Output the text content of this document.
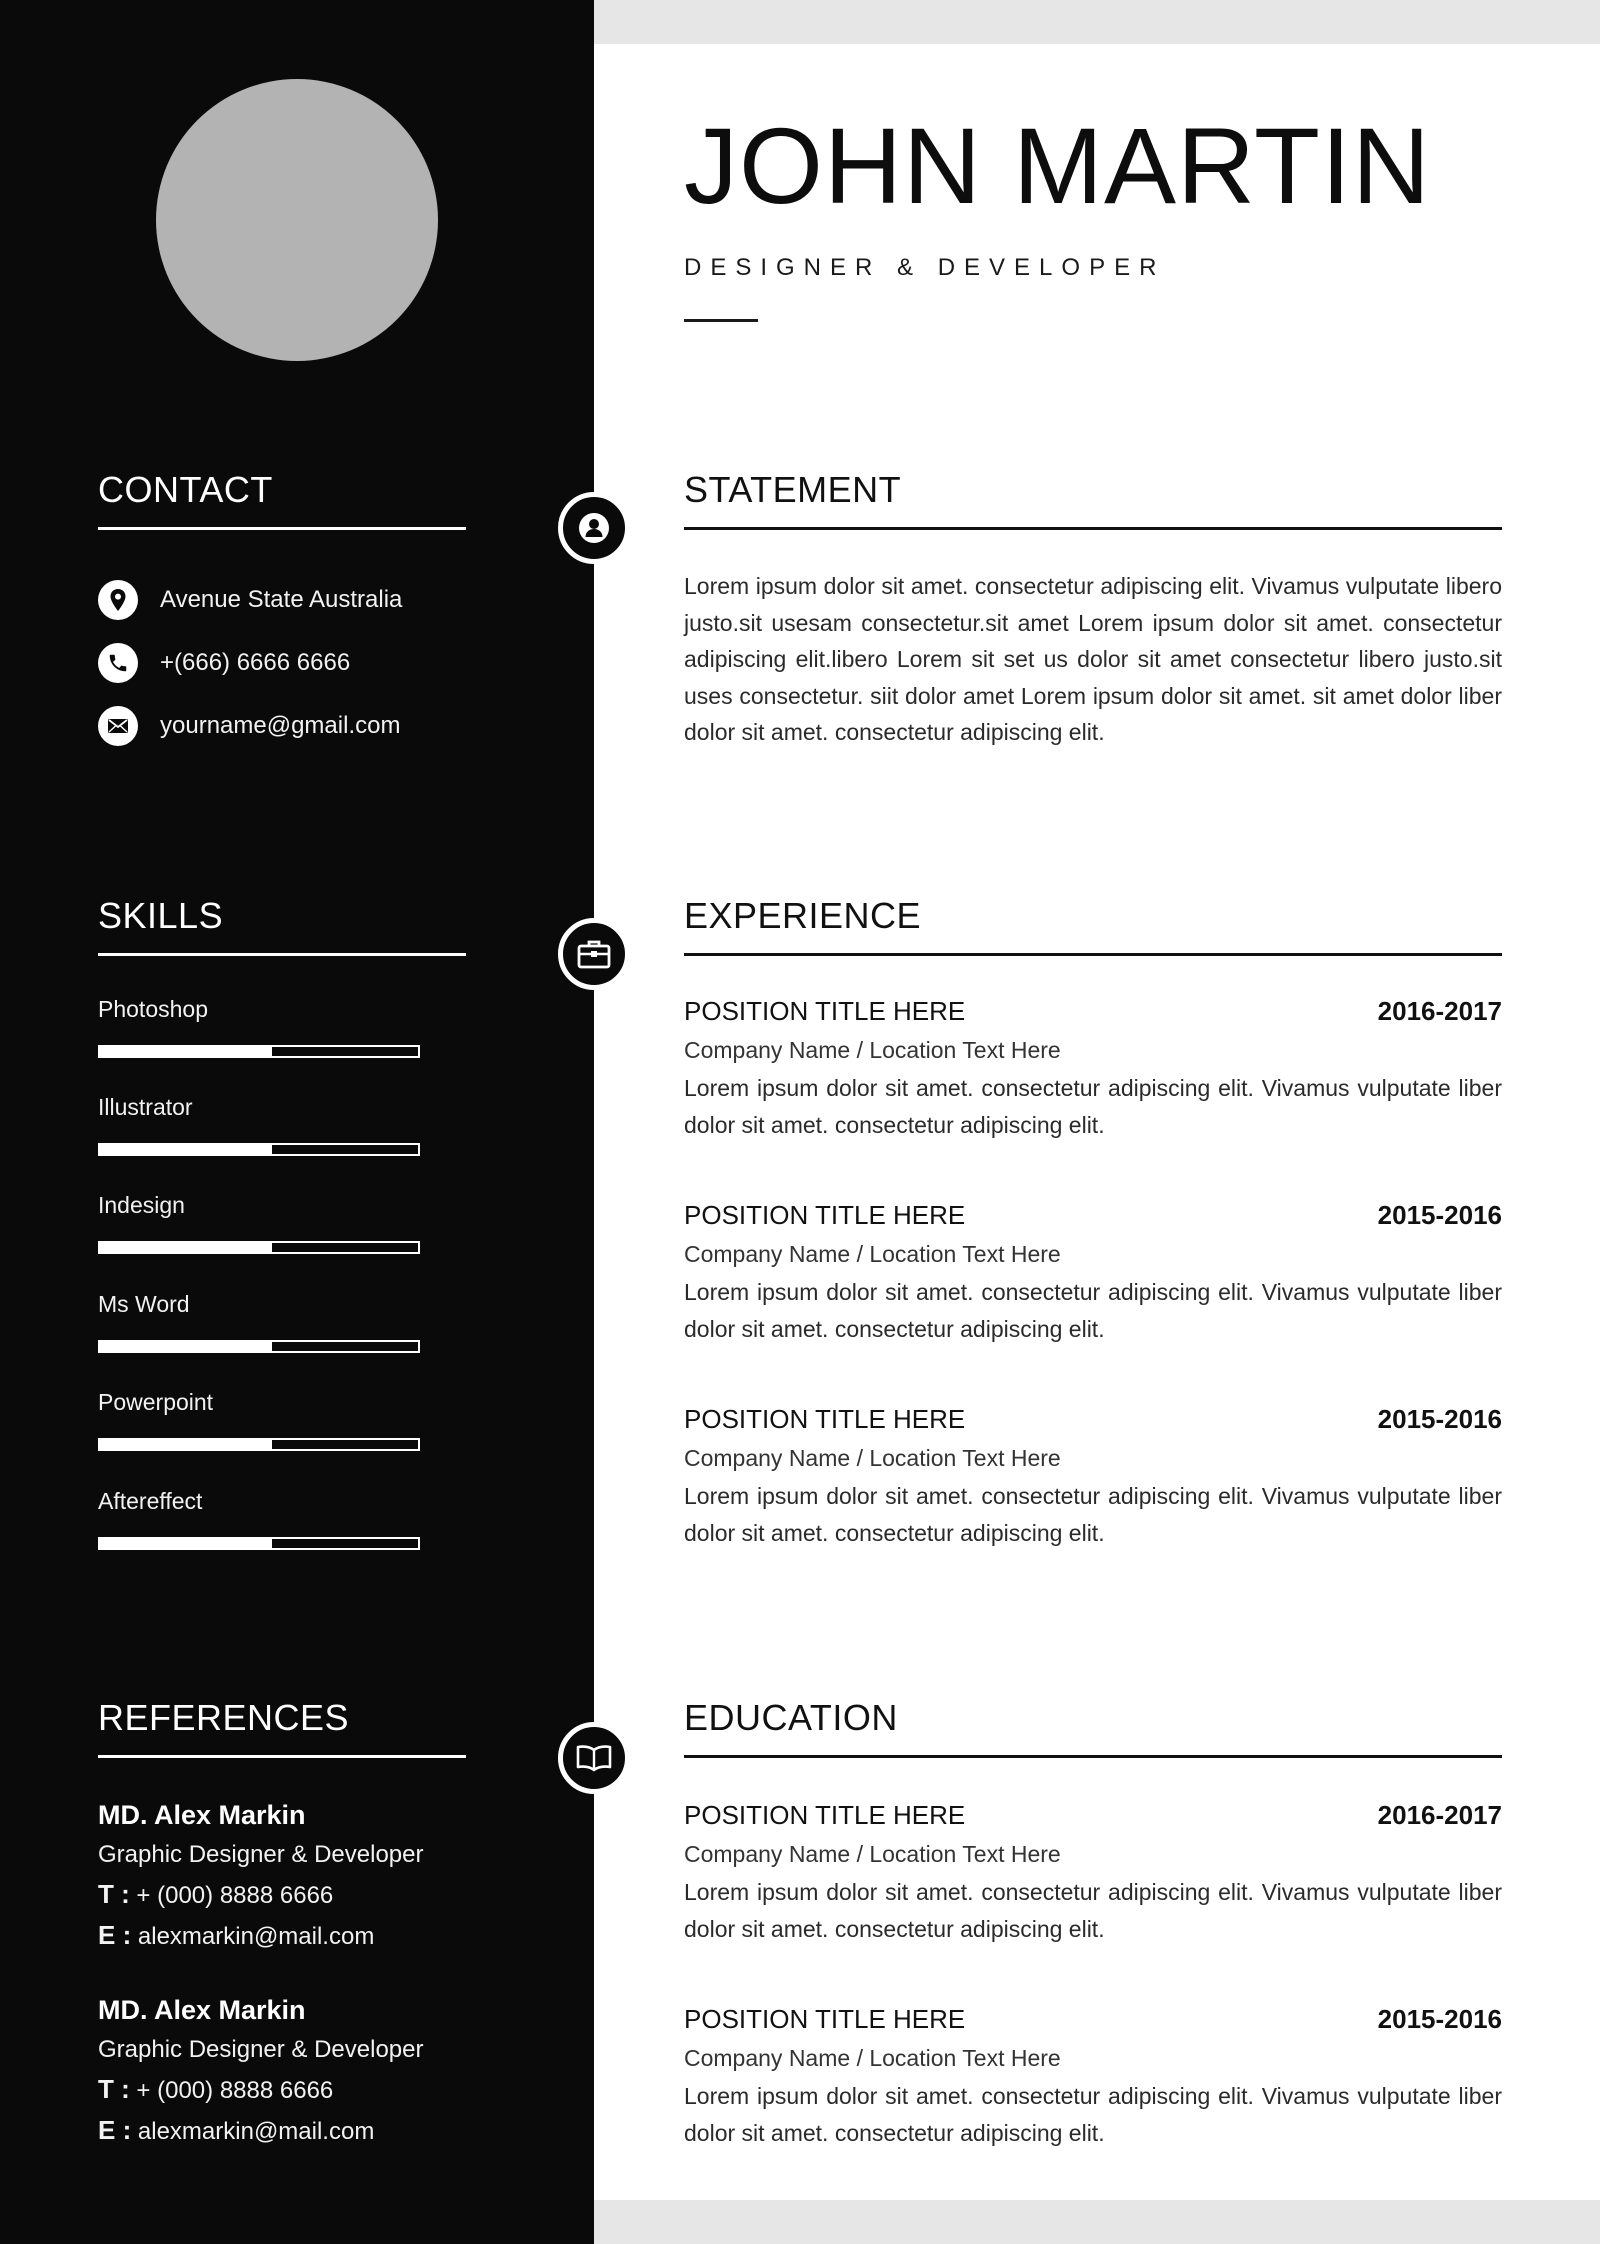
CONTACT
Avenue State Australia
+(666) 6666 6666
yourname@gmail.com
SKILLS
Photoshop
Illustrator
Indesign
Ms Word
Powerpoint
Aftereffect
REFERENCES
MD. Alex Markin
Graphic Designer & Developer
T : + (000) 8888 6666
E : alexmarkin@mail.com
MD. Alex Markin
Graphic Designer & Developer
T : + (000) 8888 6666
E : alexmarkin@mail.com
JOHN MARTIN
DESIGNER & DEVELOPER
STATEMENT
Lorem ipsum dolor sit amet. consectetur adipiscing elit. Vivamus vulputate libero justo.sit usesam consectetur.sit amet Lorem ipsum dolor sit amet. consectetur adipiscing elit.libero Lorem sit set us dolor sit amet consectetur libero justo.sit uses consectetur. siit dolor amet Lorem ipsum dolor sit amet. sit amet dolor liber dolor sit amet. consectetur adipiscing elit.
EXPERIENCE
POSITION TITLE HERE	2016-2017
Company Name / Location Text Here
Lorem ipsum dolor sit amet. consectetur adipiscing elit. Vivamus vulputate liber dolor sit amet. consectetur adipiscing elit.
POSITION TITLE HERE	2015-2016
Company Name / Location Text Here
Lorem ipsum dolor sit amet. consectetur adipiscing elit. Vivamus vulputate liber dolor sit amet. consectetur adipiscing elit.
POSITION TITLE HERE	2015-2016
Company Name / Location Text Here
Lorem ipsum dolor sit amet. consectetur adipiscing elit. Vivamus vulputate liber dolor sit amet. consectetur adipiscing elit.
EDUCATION
POSITION TITLE HERE	2016-2017
Company Name / Location Text Here
Lorem ipsum dolor sit amet. consectetur adipiscing elit. Vivamus vulputate liber dolor sit amet. consectetur adipiscing elit.
POSITION TITLE HERE	2015-2016
Company Name / Location Text Here
Lorem ipsum dolor sit amet. consectetur adipiscing elit. Vivamus vulputate liber dolor sit amet. consectetur adipiscing elit.
